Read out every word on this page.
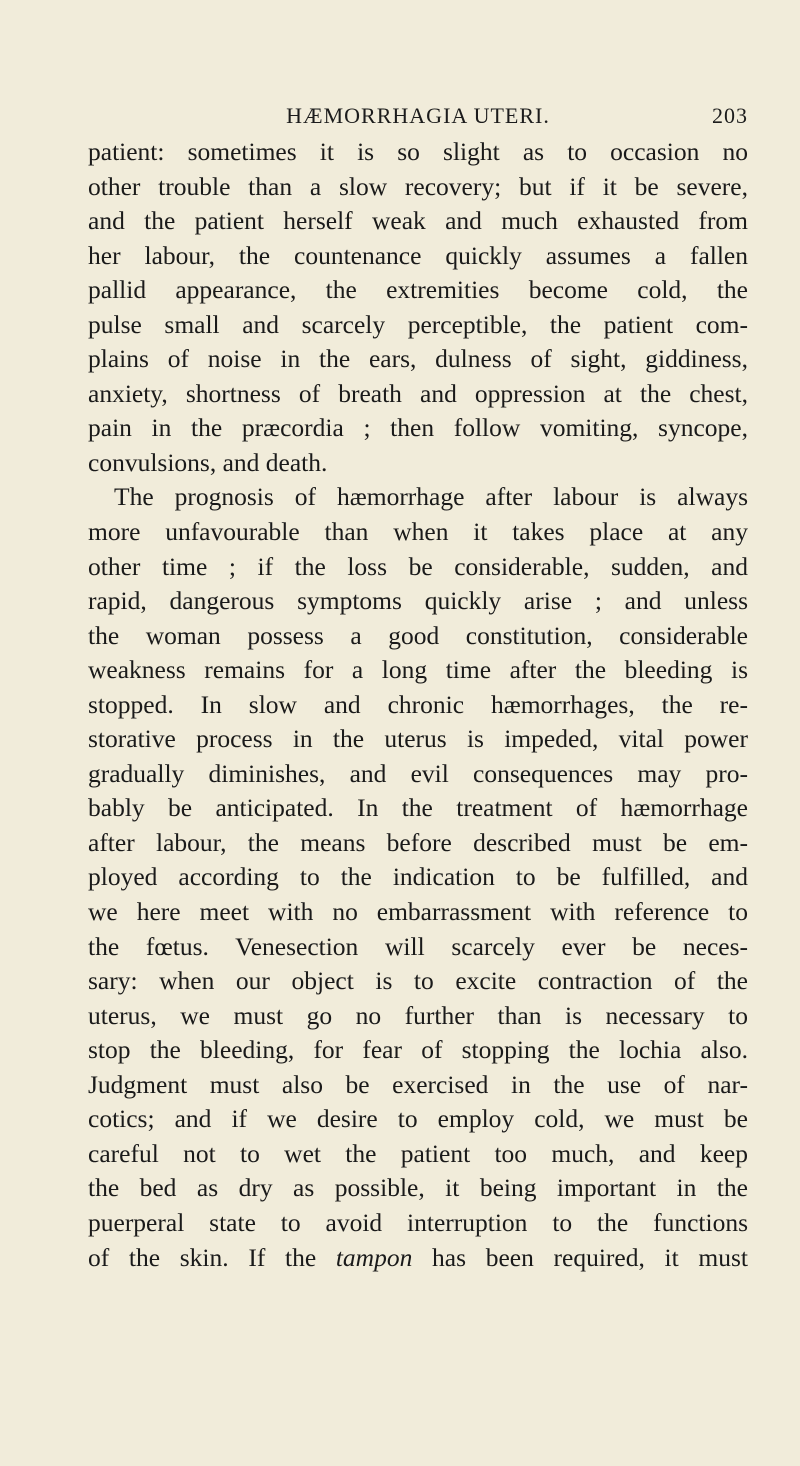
HÆMORRHAGIA UTERI.	203
patient: sometimes it is so slight as to occasion no
other trouble than a slow recovery; but if it be severe,
and the patient herself weak and much exhausted from
her labour, the countenance quickly assumes a fallen
pallid appearance, the extremities become cold, the
pulse small and scarcely perceptible, the patient com-
plains of noise in the ears, dulness of sight, giddiness,
anxiety, shortness of breath and oppression at the chest,
pain in the præcordia ; then follow vomiting, syncope,
convulsions, and death.
The prognosis of hæmorrhage after labour is always
more unfavourable than when it takes place at any
other time ; if the loss be considerable, sudden, and
rapid, dangerous symptoms quickly arise ; and unless
the woman possess a good constitution, considerable
weakness remains for a long time after the bleeding is
stopped. In slow and chronic hæmorrhages, the re-
storative process in the uterus is impeded, vital power
gradually diminishes, and evil consequences may pro-
bably be anticipated. In the treatment of hæmorrhage
after labour, the means before described must be em-
ployed according to the indication to be fulfilled, and
we here meet with no embarrassment with reference to
the fœtus. Venesection will scarcely ever be neces-
sary: when our object is to excite contraction of the
uterus, we must go no further than is necessary to
stop the bleeding, for fear of stopping the lochia also.
Judgment must also be exercised in the use of nar-
cotics; and if we desire to employ cold, we must be
careful not to wet the patient too much, and keep
the bed as dry as possible, it being important in the
puerperal state to avoid interruption to the functions
of the skin. If the tampon has been required, it must
